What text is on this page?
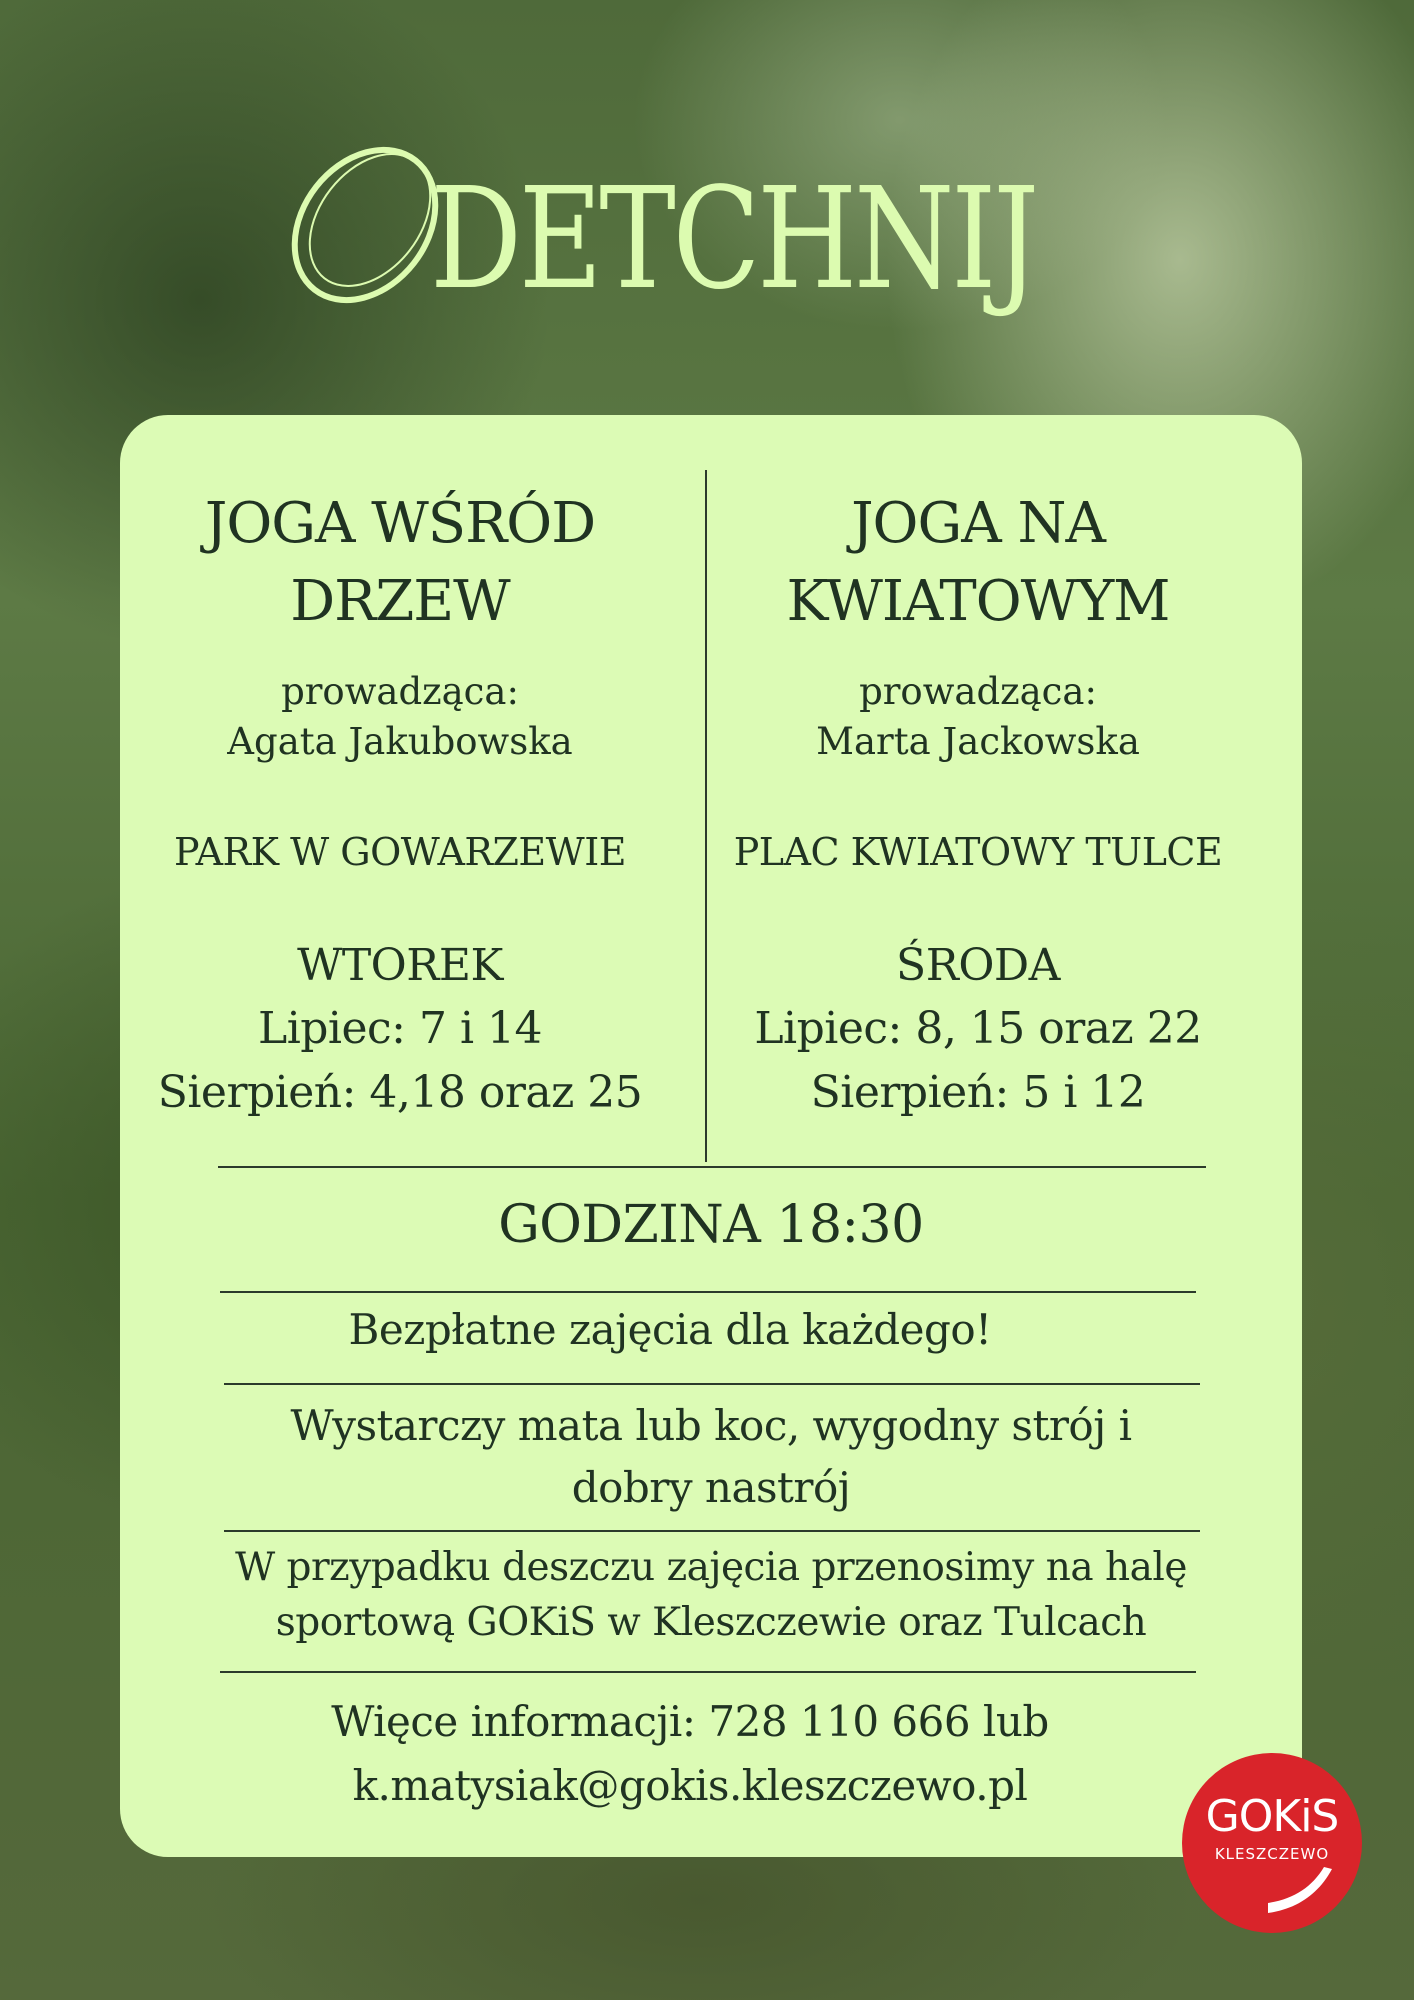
DETCHNIJ

JOGA WŚRÓD

DRZEW

prowadząca:

Agata Jakubowska

PARK W GOWARZEWIE
WTOREK
Lipiec: 7 i 14
Sierpień: 4,18 oraz 25

JOGA NA

KWIATOWYM

prowadząca:

Marta Jackowska

PLAC KWIATOWY TULCE
ŚRODA
Lipiec: 8, 15 oraz 22
Sierpień: 5 i 12

GODZINA 18:30

Bezpłatne zajęcia dla każdego!

Wystarczy mata lub koc, wygodny strój i
dobry nastrój
W przypadku deszczu zajęcia przenosimy na halę
sportową GOKiS w Kleszczewie oraz Tulcach
Więce informacji: 728 110 666 lub
k.matysiak@gokis.kleszczewo.pl
GOKiS
KLESZCZEWO
